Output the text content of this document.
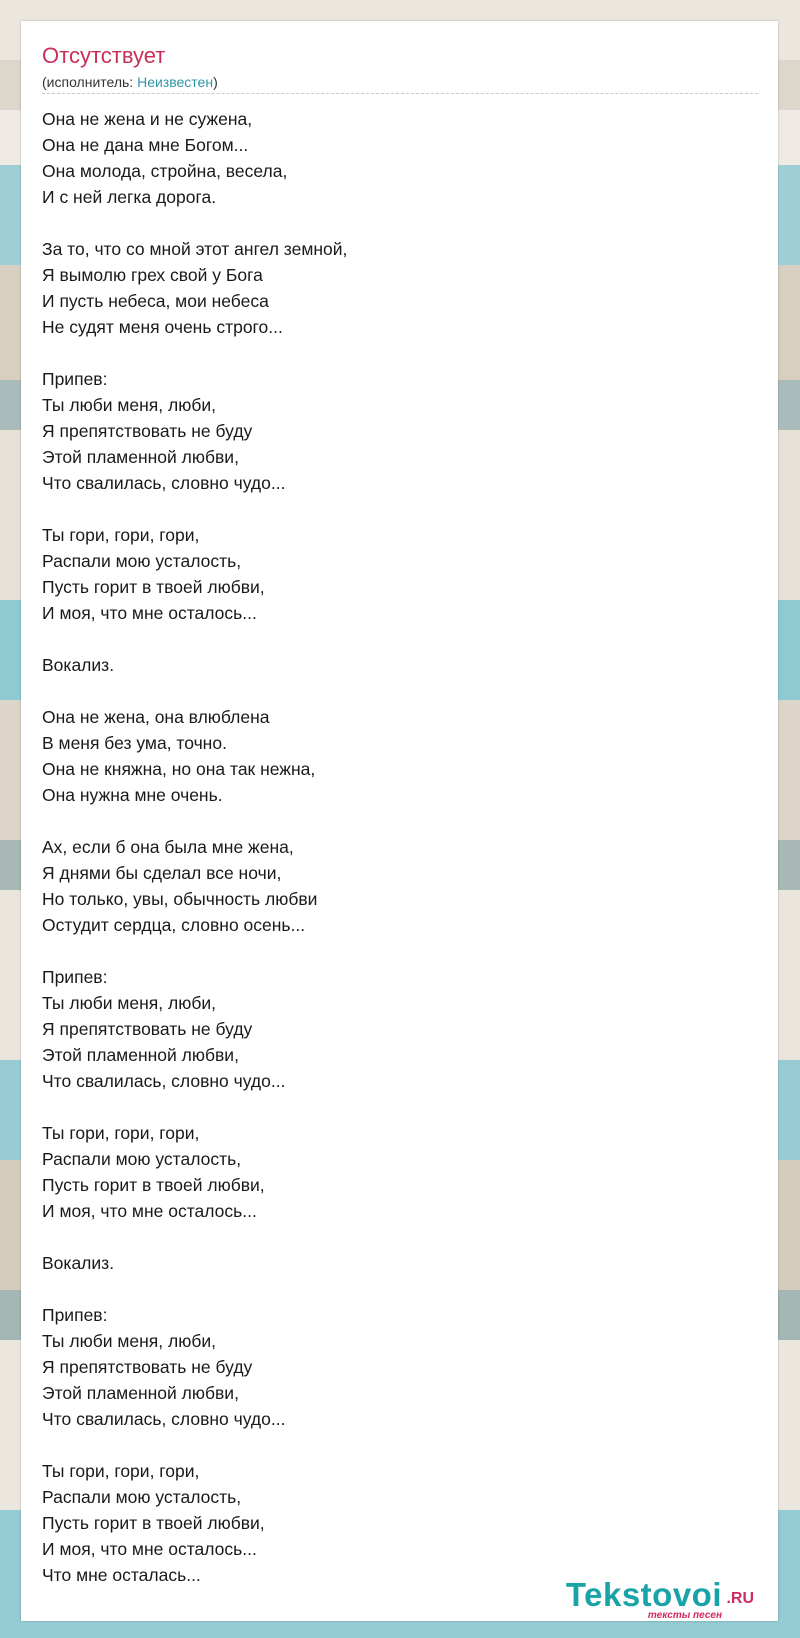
Отсутствует
(исполнитель: Неизвестен)
Она не жена и не сужена,
Она не дана мне Богом...
Она молода, стройна, весела,
И с ней легка дорога.
За то, что со мной этот ангел земной,
Я вымолю грех свой у Бога
И пусть небеса, мои небеса
Не судят меня очень строго...
Припев:
Ты люби меня, люби,
Я препятствовать не буду
Этой пламенной любви,
Что свалилась, словно чудо...
Ты гори, гори, гори,
Распали мою усталость,
Пусть горит в твоей любви,
И моя, что мне осталось...
Вокализ.
Она не жена, она влюблена
В меня без ума, точно.
Она не княжна, но она так нежна,
Она нужна мне очень.
Ах, если б она была мне жена,
Я днями бы сделал все ночи,
Но только, увы, обычность любви
Остудит сердца, словно осень...
Припев:
Ты люби меня, люби,
Я препятствовать не буду
Этой пламенной любви,
Что свалилась, словно чудо...
Ты гори, гори, гори,
Распали мою усталость,
Пусть горит в твоей любви,
И моя, что мне осталось...
Вокализ.
Припев:
Ты люби меня, люби,
Я препятствовать не буду
Этой пламенной любви,
Что свалилась, словно чудо...
Ты гори, гори, гори,
Распали мою усталость,
Пусть горит в твоей любви,
И моя, что мне осталось...
Что мне осталась...
Tekstovoi .RU
тексты песен
